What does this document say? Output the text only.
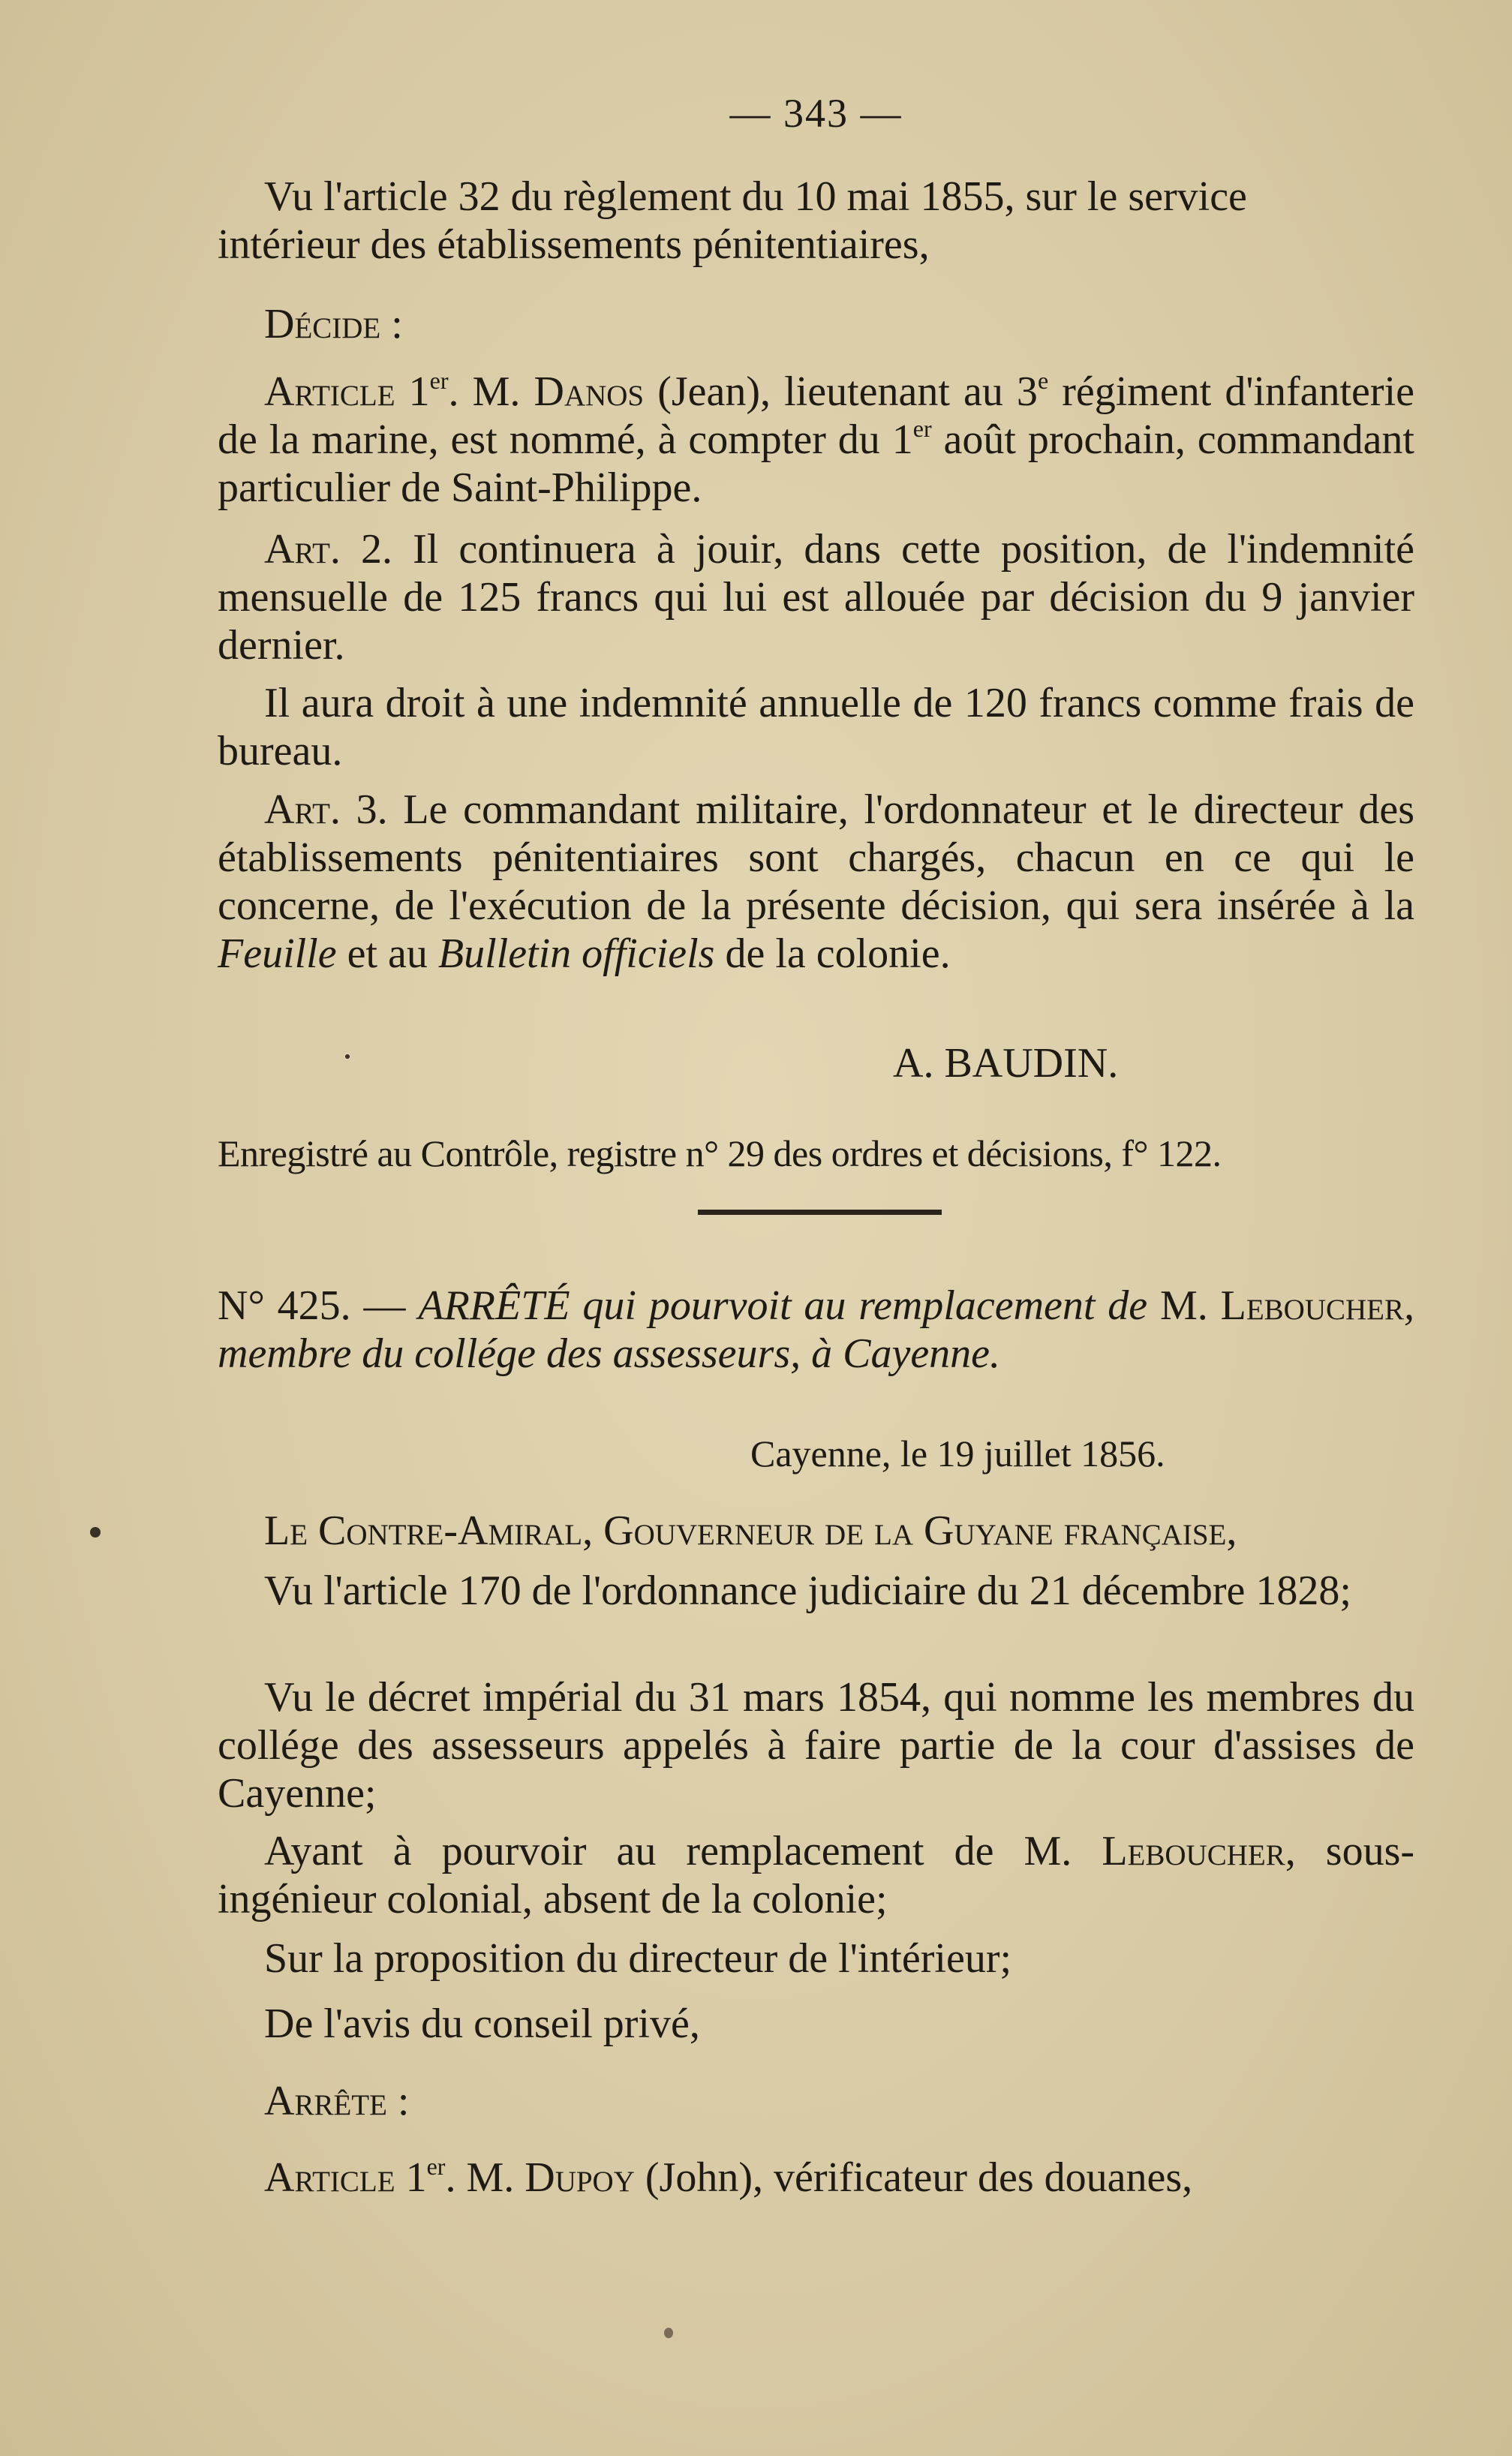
— 343 —

Vu l'article 32 du règlement du 10 mai 1855, sur le service

intérieur des établissements pénitentiaires,

Décide :

Article 1er. M. Danos (Jean), lieutenant au 3e régiment d'infanterie de la marine, est nommé, à compter du 1er août prochain, commandant particulier de Saint-Philippe.

Art. 2. Il continuera à jouir, dans cette position, de l'indemnité mensuelle de 125 francs qui lui est allouée par décision du 9 janvier dernier.

Il aura droit à une indemnité annuelle de 120 francs comme frais de bureau.

Art. 3. Le commandant militaire, l'ordonnateur et le directeur des établissements pénitentiaires sont chargés, chacun en ce qui le concerne, de l'exécution de la présente décision, qui sera insérée à la Feuille et au Bulletin officiels de la colonie.

A. BAUDIN.

Enregistré au Contrôle, registre n° 29 des ordres et décisions, f° 122.

N° 425. — ARRÊTÉ qui pourvoit au remplacement de M. Leboucher, membre du collége des assesseurs, à Cayenne.

Cayenne, le 19 juillet 1856.

Le Contre-Amiral, Gouverneur de la Guyane française,

Vu l'article 170 de l'ordonnance judiciaire du 21 décembre 1828;

Vu le décret impérial du 31 mars 1854, qui nomme les membres du collége des assesseurs appelés à faire partie de la cour d'assises de Cayenne;

Ayant à pourvoir au remplacement de M. Leboucher, sous-ingénieur colonial, absent de la colonie;

Sur la proposition du directeur de l'intérieur;

De l'avis du conseil privé,

Arrête :

Article 1er. M. Dupoy (John), vérificateur des douanes,
